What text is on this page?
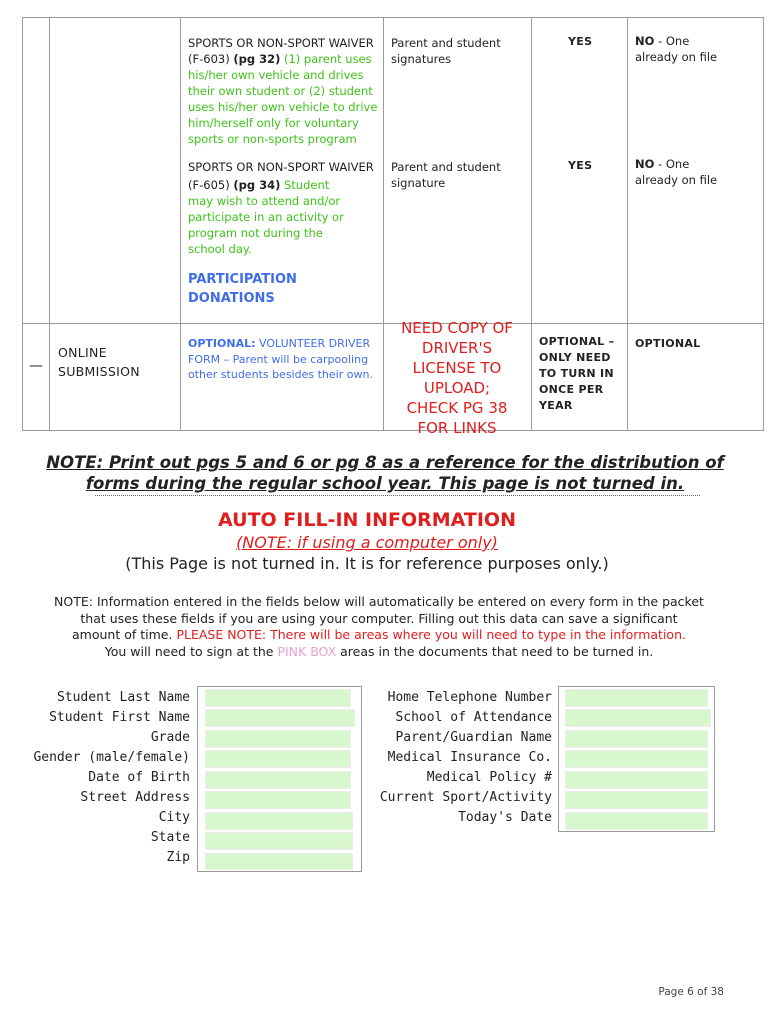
SPORTS OR NON-SPORT WAIVER
(F-603) (pg 32) (1) parent uses
his/her own vehicle and drives
their own student or (2) student
uses his/her own vehicle to drive
him/herself only for voluntary
sports or non-sports program
Parent and student
signatures
YES	NO - One
already on file
SPORTS OR NON-SPORT WAIVER
(F-605) (pg 34) Student
may wish to attend and/or
participate in an activity or
program not during the
school day.
Parent and student
signature
YES	NO - One
already on file
PARTICIPATION
DONATIONS
—
ONLINE
SUBMISSION
OPTIONAL: VOLUNTEER DRIVER
FORM – Parent will be carpooling
other students besides their own.
NEED COPY OF
DRIVER'S
LICENSE TO
UPLOAD;
CHECK PG 38
FOR LINKS
OPTIONAL –
ONLY NEED
TO TURN IN
ONCE PER
YEAR
OPTIONAL
NOTE: Print out pgs 5 and 6 or pg 8 as a reference for the distribution of
forms during the regular school year. This page is not turned in.
AUTO FILL-IN INFORMATION
(NOTE: if using a computer only)
(This Page is not turned in. It is for reference purposes only.)
NOTE: Information entered in the fields below will automatically be entered on every form in the packet
that uses these fields if you are using your computer. Filling out this data can save a significant
amount of time. PLEASE NOTE: There will be areas where you will need to type in the information.
You will need to sign at the PINK BOX areas in the documents that need to be turned in.
Student Last Name
Student First Name
Grade
Gender (male/female)
Date of Birth
Street Address
City
State
Zip
Home Telephone Number
School of Attendance
Parent/Guardian Name
Medical Insurance Co.
Medical Policy #
Current Sport/Activity
Today's Date
Page 6 of 38
